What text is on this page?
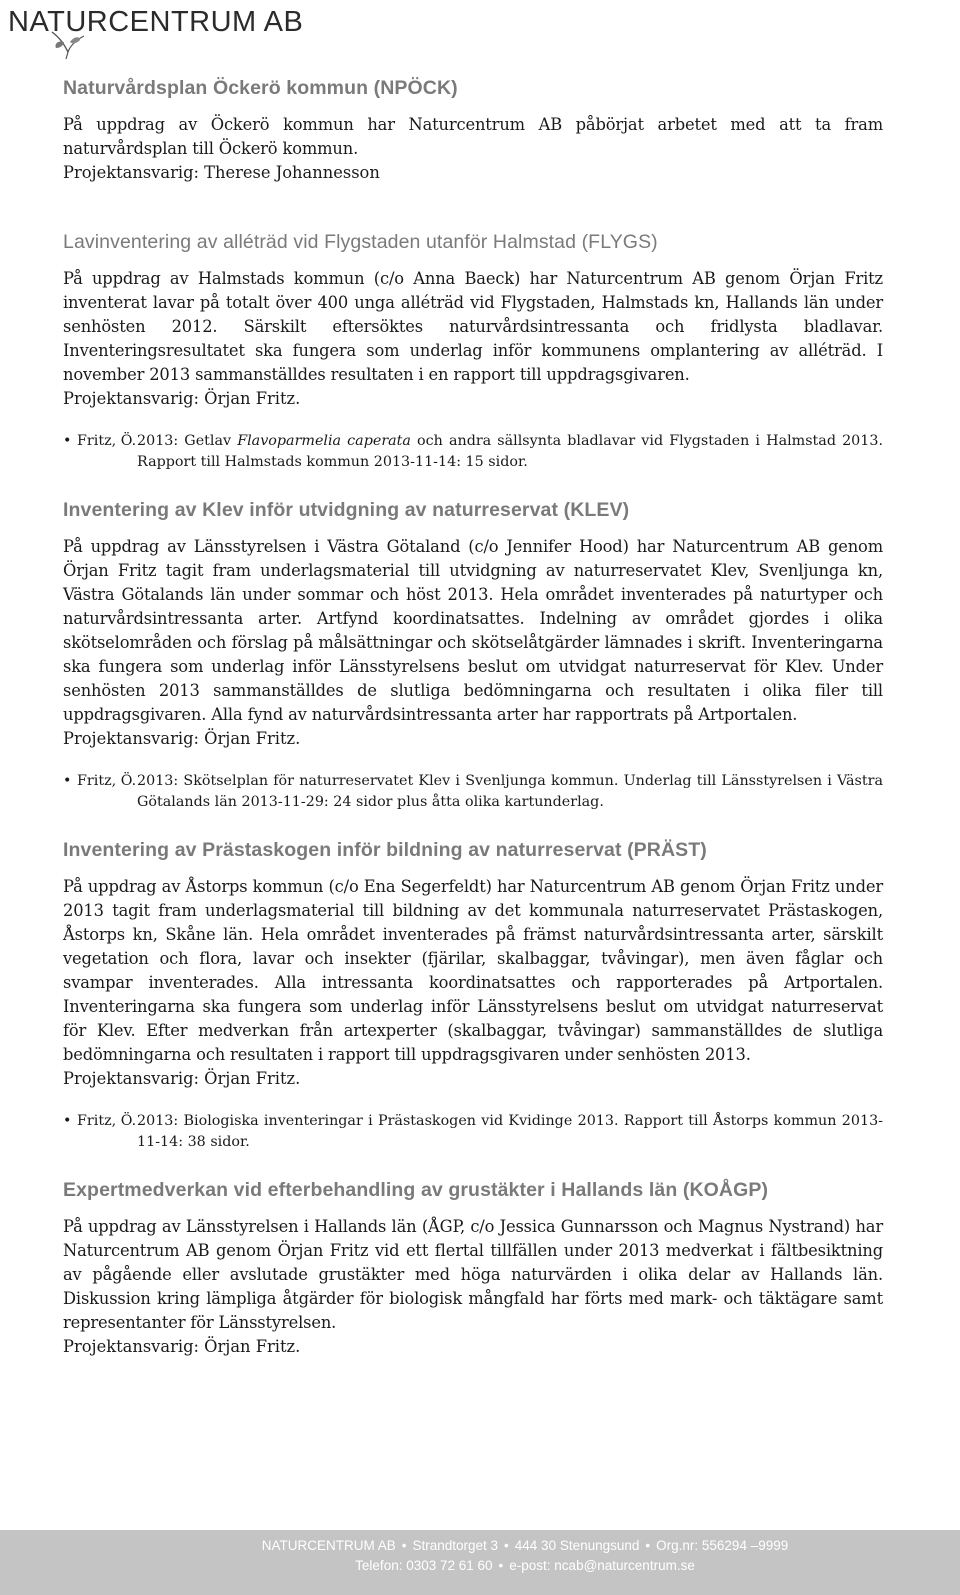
NATURCENTRUM AB
Naturvårdsplan Öckerö kommun (NPÖCK)

På uppdrag av Öckerö kommun har Naturcentrum AB påbörjat arbetet med att ta fram naturvårdsplan till Öckerö kommun.

Projektansvarig: Therese Johannesson

Lavinventering av alléträd vid Flygstaden utanför Halmstad (FLYGS)

På uppdrag av Halmstads kommun (c/o Anna Baeck) har Naturcentrum AB genom Örjan Fritz inventerat lavar på totalt över 400 unga alléträd vid Flygstaden, Halmstads kn, Hallands län under senhösten 2012. Särskilt eftersöktes naturvårdsintressanta och fridlysta bladlavar. Inventeringsresultatet ska fungera som underlag inför kommunens omplantering av alléträd. I november 2013 sammanställdes resultaten i en rapport till uppdragsgivaren.

Projektansvarig: Örjan Fritz.

• Fritz, Ö.2013: Getlav Flavoparmelia caperata och andra sällsynta bladlavar vid Flygstaden i Halmstad 2013. Rapport till Halmstads kommun 2013-11-14: 15 sidor.

Inventering av Klev inför utvidgning av naturreservat (KLEV)

På uppdrag av Länsstyrelsen i Västra Götaland (c/o Jennifer Hood) har Naturcentrum AB genom Örjan Fritz tagit fram underlagsmaterial till utvidgning av naturreservatet Klev, Svenljunga kn, Västra Götalands län under sommar och höst 2013. Hela området inventerades på naturtyper och naturvårdsintressanta arter. Artfynd koordinatsattes. Indelning av området gjordes i olika skötselområden och förslag på målsättningar och skötselåtgärder lämnades i skrift. Inventeringarna ska fungera som underlag inför Länsstyrelsens beslut om utvidgat naturreservat för Klev. Under senhösten 2013 sammanställdes de slutliga bedömningarna och resultaten i olika filer till uppdragsgivaren. Alla fynd av naturvårdsintressanta arter har rapportrats på Artportalen.

Projektansvarig: Örjan Fritz.

• Fritz, Ö.2013: Skötselplan för naturreservatet Klev i Svenljunga kommun. Underlag till Länsstyrelsen i Västra Götalands län 2013-11-29: 24 sidor plus åtta olika kartunderlag.

Inventering av Prästaskogen inför bildning av naturreservat (PRÄST)

På uppdrag av Åstorps kommun (c/o Ena Segerfeldt) har Naturcentrum AB genom Örjan Fritz under 2013 tagit fram underlagsmaterial till bildning av det kommunala naturreservatet Prästaskogen, Åstorps kn, Skåne län. Hela området inventerades på främst naturvårdsintressanta arter, särskilt vegetation och flora, lavar och insekter (fjärilar, skalbaggar, tvåvingar), men även fåglar och svampar inventerades. Alla intressanta koordinatsattes och rapporterades på Artportalen. Inventeringarna ska fungera som underlag inför Länsstyrelsens beslut om utvidgat naturreservat för Klev. Efter medverkan från artexperter (skalbaggar, tvåvingar) sammanställdes de slutliga bedömningarna och resultaten i rapport till uppdragsgivaren under senhösten 2013.

Projektansvarig: Örjan Fritz.

• Fritz, Ö.2013: Biologiska inventeringar i Prästaskogen vid Kvidinge 2013. Rapport till Åstorps kommun 2013-11-14: 38 sidor.

Expertmedverkan vid efterbehandling av grustäkter i Hallands län (KOÅGP)

På uppdrag av Länsstyrelsen i Hallands län (ÅGP, c/o Jessica Gunnarsson och Magnus Nystrand) har Naturcentrum AB genom Örjan Fritz vid ett flertal tillfällen under 2013 medverkat i fältbesiktning av pågående eller avslutade grustäkter med höga naturvärden i olika delar av Hallands län. Diskussion kring lämpliga åtgärder för biologisk mångfald har förts med mark- och täktägare samt representanter för Länsstyrelsen.

Projektansvarig: Örjan Fritz.

NATURCENTRUM AB • Strandtorget 3 • 444 30 Stenungsund • Org.nr: 556294 –9999
Telefon: 0303 72 61 60 • e-post: ncab@naturcentrum.se
